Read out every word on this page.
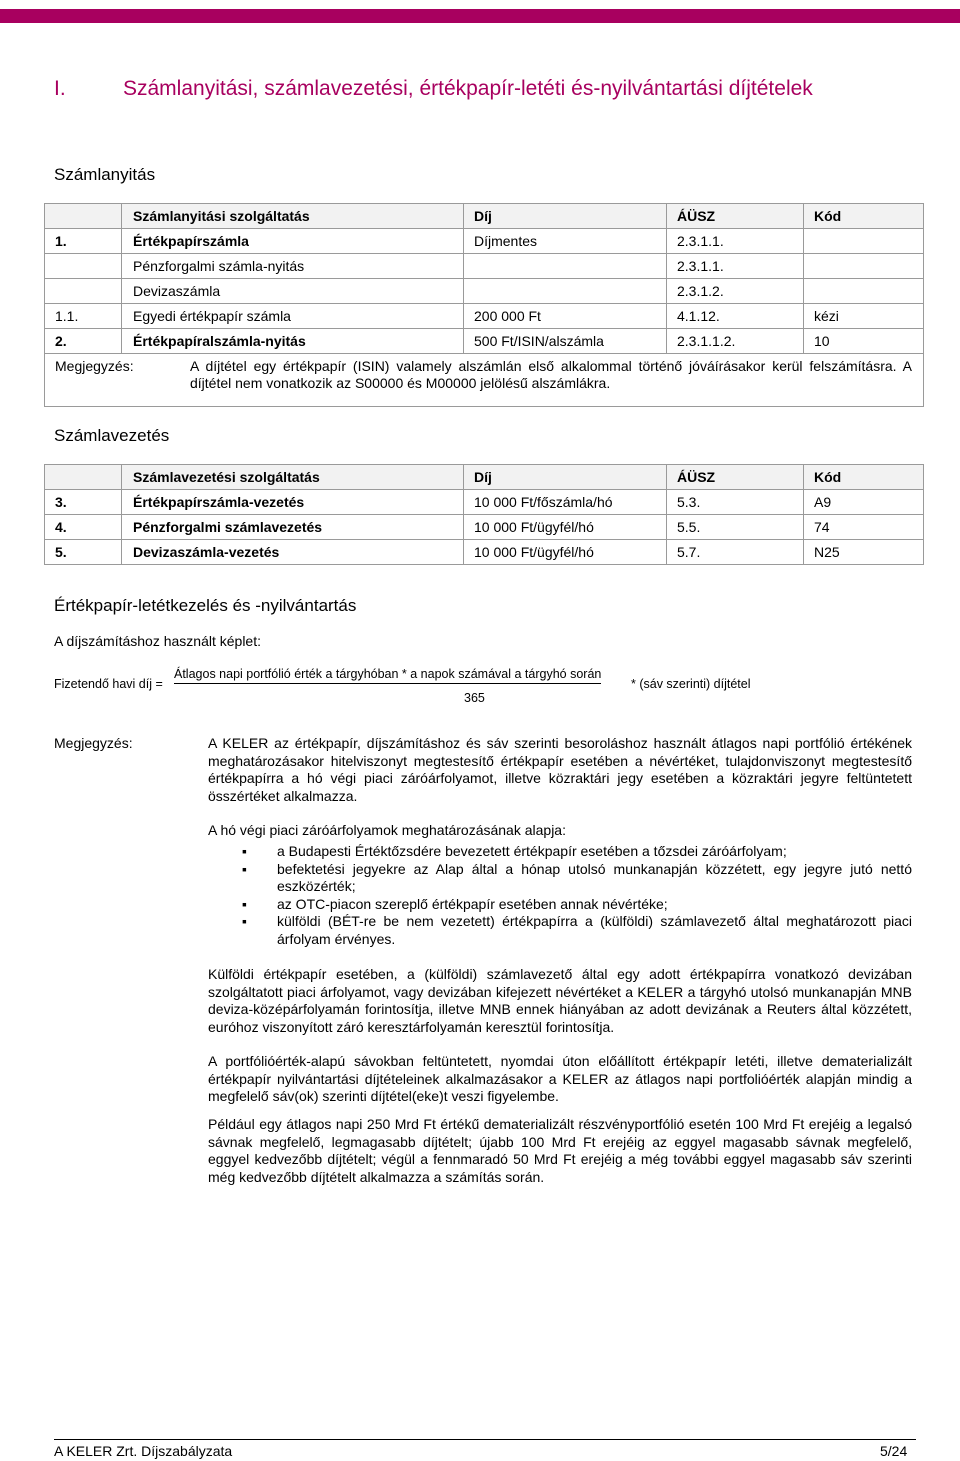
I.	Számlanyitási, számlavezetési, értékpapír-letéti és-nyilvántartási díjtételek
Számlanyitás
	Számlanyitási szolgáltatás	Díj	ÁÜSZ	Kód
1.	Értékpapírszámla	Díjmentes	2.3.1.1.	
	Pénzforgalmi számla-nyitás		2.3.1.1.	
	Devizaszámla		2.3.1.2.	
1.1.	Egyedi értékpapír számla	200 000 Ft	4.1.12.	kézi
2.	Értékpapíralszámla-nyitás	500 Ft/ISIN/alszámla	2.3.1.1.2.	10

Megjegyzés: A díjtétel egy értékpapír (ISIN) valamely alszámlán első alkalommal történő jóváírásakor kerül felszámításra. A díjtétel nem vonatkozik az S00000 és M00000 jelölésű alszámlákra.				
Számlavezetés
	Számlavezetési szolgáltatás	Díj	ÁÜSZ	Kód
3.	Értékpapírszámla-vezetés	10 000 Ft/főszámla/hó	5.3.	A9
4.	Pénzforgalmi számlavezetés	10 000 Ft/ügyfél/hó	5.5.	74
5.	Devizaszámla-vezetés	10 000 Ft/ügyfél/hó	5.7.	N25
Értékpapír-letétkezelés és -nyilvántartás
A díjszámításhoz használt képlet:
Fizetendő havi díj =
Átlagos napi portfólió érték a tárgyhóban * a napok számával a tárgyhó során
365
* (sáv szerinti) díjtétel
Megjegyzés:	A KELER az értékpapír, díjszámításhoz és sáv szerinti besoroláshoz használt átlagos napi portfólió értékének meghatározásakor hitelviszonyt megtestesítő értékpapír esetében a névértéket, tulajdonviszonyt megtestesítő értékpapírra a hó végi piaci záróárfolyamot, illetve közraktári jegy esetében a közraktári jegyre feltüntetett összértéket alkalmazza.
A hó végi piaci záróárfolyamok meghatározásának alapja:
▪ a Budapesti Értéktőzsdére bevezetett értékpapír esetében a tőzsdei záróárfolyam;
▪ befektetési jegyekre az Alap által a hónap utolsó munkanapján közzétett, egy jegyre jutó nettó eszközérték;
▪ az OTC-piacon szereplő értékpapír esetében annak névértéke;
▪ külföldi (BÉT-re be nem vezetett) értékpapírra a (külföldi) számlavezető által meghatározott piaci árfolyam érvényes.
Külföldi értékpapír esetében, a (külföldi) számlavezető által egy adott értékpapírra vonatkozó devizában szolgáltatott piaci árfolyamot, vagy devizában kifejezett névértéket a KELER a tárgyhó utolsó munkanapján MNB deviza-középárfolyamán forintosítja, illetve MNB ennek hiányában az adott devizának a Reuters által közzétett, euróhoz viszonyított záró keresztárfolyamán keresztül forintosítja.
A portfólióérték-alapú sávokban feltüntetett, nyomdai úton előállított értékpapír letéti, illetve dematerializált értékpapír nyilvántartási díjtételeinek alkalmazásakor a KELER az átlagos napi portfolióérték alapján mindig a megfelelő sáv(ok) szerinti díjtétel(eke)t veszi figyelembe.
Például egy átlagos napi 250 Mrd Ft értékű dematerializált részvényportfólió esetén 100 Mrd Ft erejéig a legalsó sávnak megfelelő, legmagasabb díjtételt; újabb 100 Mrd Ft erejéig az eggyel magasabb sávnak megfelelő, eggyel kedvezőbb díjtételt; végül a fennmaradó 50 Mrd Ft erejéig a még további eggyel magasabb sáv szerinti még kedvezőbb díjtételt alkalmazza a számítás során.
A KELER Zrt. Díjszabályzata	5/24
